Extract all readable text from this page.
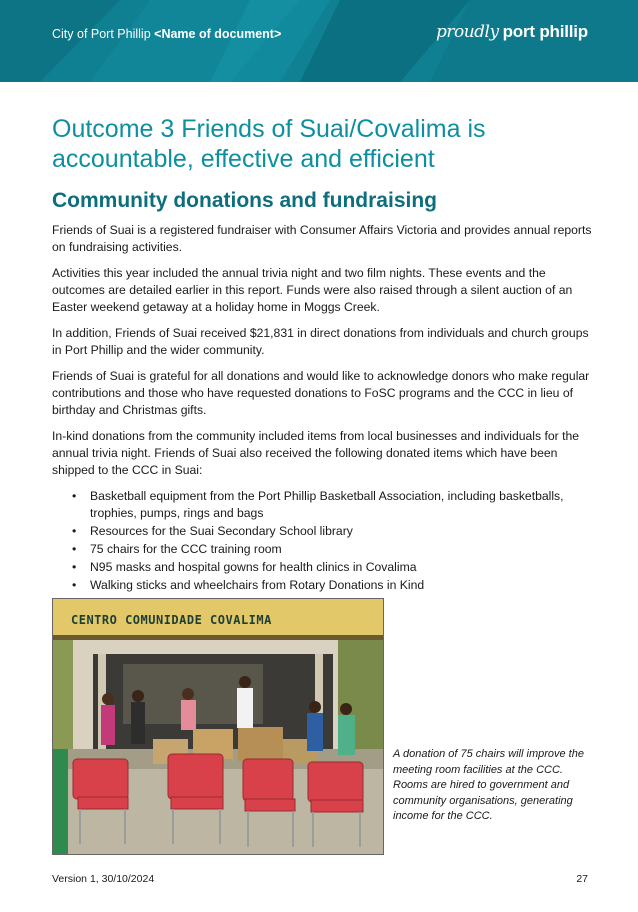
City of Port Phillip <Name of document>	proudly port phillip
Outcome 3 Friends of Suai/Covalima is accountable, effective and efficient
Community donations and fundraising

Friends of Suai is a registered fundraiser with Consumer Affairs Victoria and provides annual reports on fundraising activities.

Activities this year included the annual trivia night and two film nights. These events and the outcomes are detailed earlier in this report. Funds were also raised through a silent auction of an Easter weekend getaway at a holiday home in Moggs Creek.

In addition, Friends of Suai received $21,831 in direct donations from individuals and church groups in Port Phillip and the wider community.

Friends of Suai is grateful for all donations and would like to acknowledge donors who make regular contributions and those who have requested donations to FoSC programs and the CCC in lieu of birthday and Christmas gifts.

In-kind donations from the community included items from local businesses and individuals for the annual trivia night. Friends of Suai also received the following donated items which have been shipped to the CCC in Suai:

• Basketball equipment from the Port Phillip Basketball Association, including basketballs, trophies, pumps, rings and bags
• Resources for the Suai Secondary School library
• 75 chairs for the CCC training room
• N95 masks and hospital gowns for health clinics in Covalima
• Walking sticks and wheelchairs from Rotary Donations in Kind
CENTRO COMUNIDADE COVALIMA
A donation of 75 chairs will improve the meeting room facilities at the CCC. Rooms are hired to government and community organisations, generating income for the CCC.
Version 1, 30/10/2024	27
